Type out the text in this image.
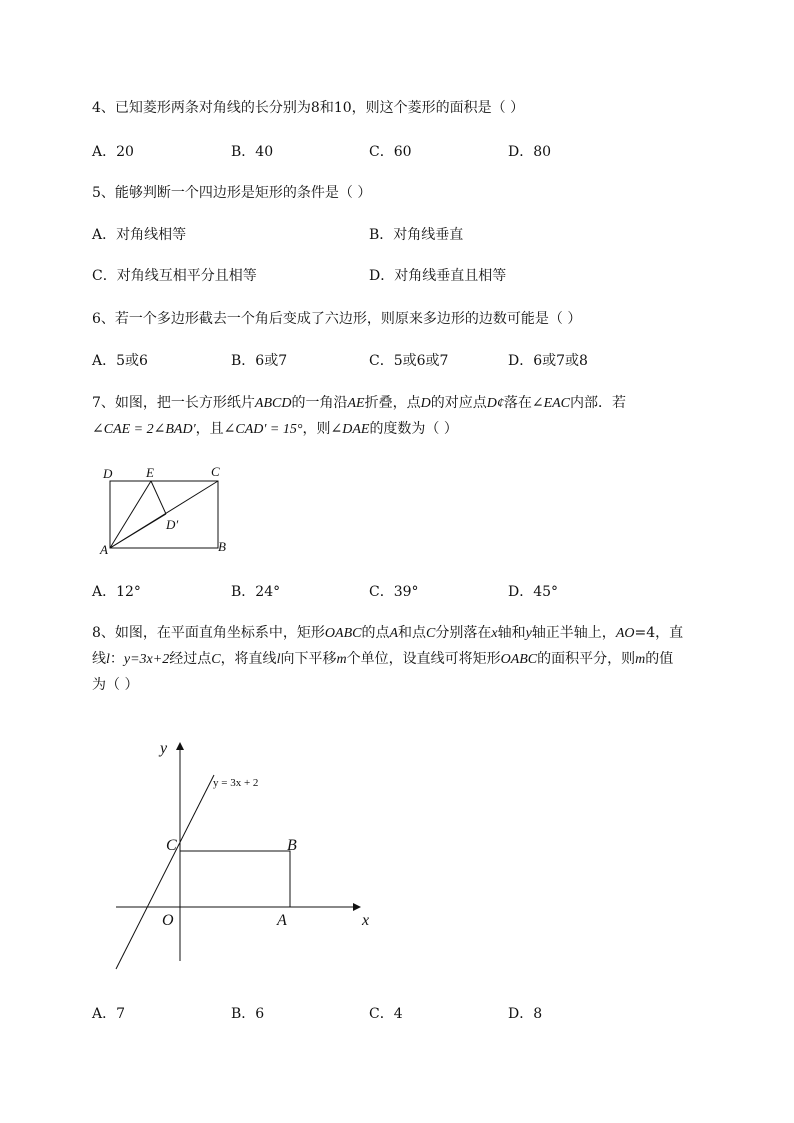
4、已知菱形两条对角线的长分别为8和10，则这个菱形的面积是（ ）
A．20	B．40	C．60	D．80
5、能够判断一个四边形是矩形的条件是（ ）
A．对角线相等	B．对角线垂直
C．对角线互相平分且相等	D．对角线垂直且相等
6、若一个多边形截去一个角后变成了六边形，则原来多边形的边数可能是（ ）
A．5或6	B．6或7	C．5或6或7	D．6或7或8
7、如图，把一长方形纸片ABCD的一角沿AE折叠，点D的对应点D¢落在∠EAC内部．若
∠CAE = 2∠BAD′，且∠CAD′ = 15°，则∠DAE的度数为（ ）
D	E	C
D′
A	B
A．12°	B．24°	C．39°	D．45°
8、如图，在平面直角坐标系中，矩形OABC的点A和点C分别落在x轴和y轴正半轴上，AO=4，直
线l：y=3x+2经过点C，将直线l向下平移m个单位，设直线可将矩形OABC的面积平分，则m的值
为（ ）
y
y = 3x + 2
C	B
O	A	x
A．7	B．6	C．4	D．8
